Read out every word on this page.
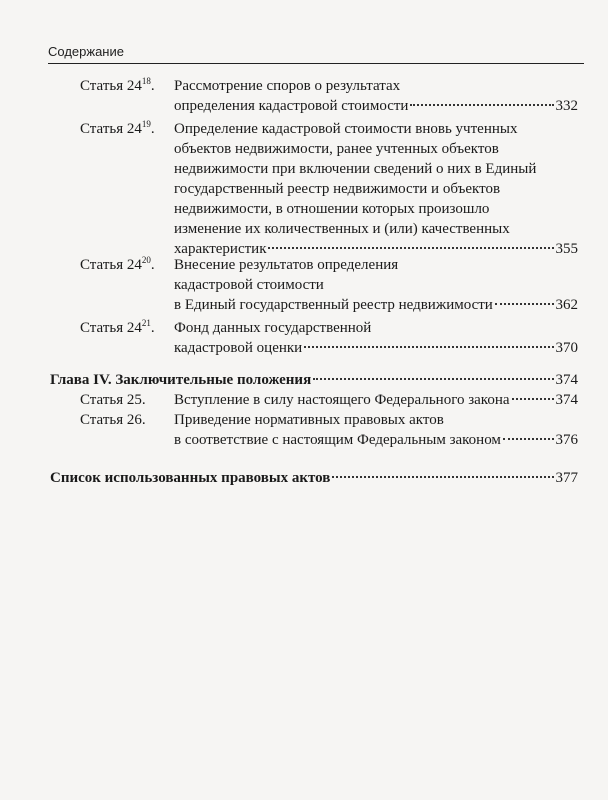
Содержание
Статья $24^{18}$.	Рассмотрение споров о результатах
определения кадастровой стоимости	332
Статья $24^{19}$.	Определение кадастровой стоимости вновь учтенных
объектов недвижимости, ранее учтенных объектов
недвижимости при включении сведений о них в Единый
государственный реестр недвижимости и объектов
недвижимости, в отношении которых произошло
изменение их количественных и (или) качественных
характеристик	355
Статья $24^{20}$.	Внесение результатов определения
кадастровой стоимости
в Единый государственный реестр недвижимости	362
Статья $24^{21}$.	Фонд данных государственной
кадастровой оценки	370
Глава IV. Заключительные положения	374
Статья 25.	Вступление в силу настоящего Федерального закона	374
Статья 26.	Приведение нормативных правовых актов
в соответствие с настоящим Федеральным законом	376
Список использованных правовых актов	377
